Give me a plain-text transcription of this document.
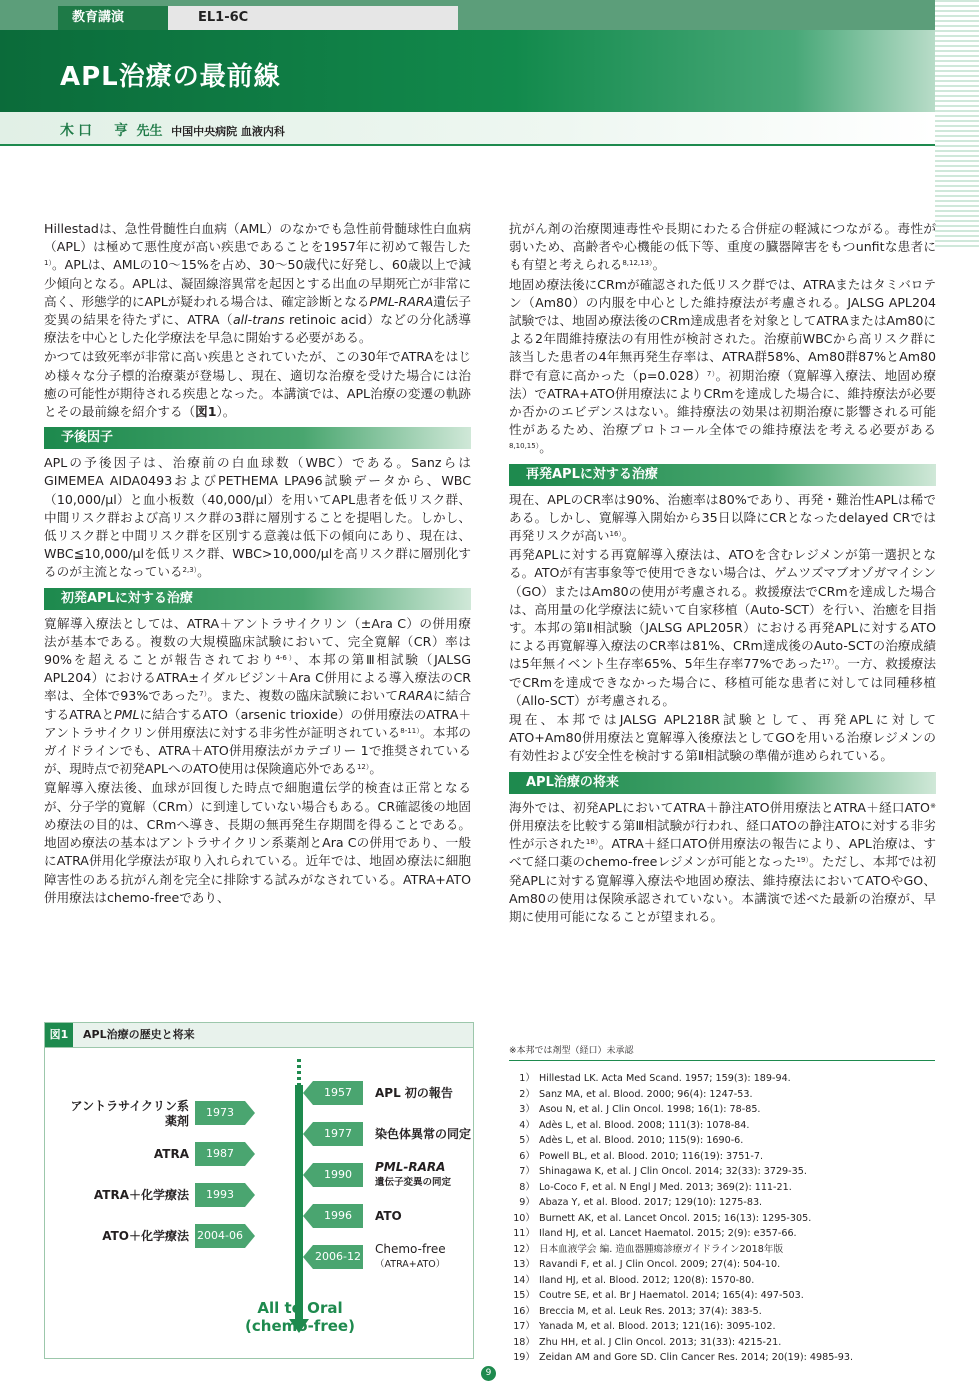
教育講演	EL1-6C
APL治療の最前線
木口　亨 先生 中国中央病院 血液内科

Hillestadは、急性骨髄性白血病（AML）のなかでも急性前骨髄球性白血病（APL）は極めて悪性度が高い疾患であることを1957年に初めて報告した$^{1)}$。APLは、AMLの10～15%を占め、30～50歳代に好発し、60歳以上で減少傾向となる。APLは、凝固線溶異常を起因とする出血の早期死亡が非常に高く、形態学的にAPLが疑われる場合は、確定診断となるPML-RARA遺伝子変異の結果を待たずに、ATRA（all-trans retinoic acid）などの分化誘導療法を中心とした化学療法を早急に開始する必要がある。

かつては致死率が非常に高い疾患とされていたが、この30年でATRAをはじめ様々な分子標的治療薬が登場し、現在、適切な治療を受けた場合には治癒の可能性が期待される疾患となった。本講演では、APL治療の変遷の軌跡とその最前線を紹介する（図1）。

予後因子

APLの予後因子は、治療前の白血球数（WBC）である。SanzらはGIMEMEA AIDA0493およびPETHEMA LPA96試験データから、WBC（10,000/μl）と血小板数（40,000/μl）を用いてAPL患者を低リスク群、中間リスク群および高リスク群の3群に層別することを提唱した。しかし、低リスク群と中間リスク群を区別する意義は低下の傾向にあり、現在は、WBC≦10,000/μlを低リスク群、WBC>10,000/μlを高リスク群に層別化するのが主流となっている$^{2,3)}$。

初発APLに対する治療

寛解導入療法としては、ATRA＋アントラサイクリン（±Ara C）の併用療法が基本である。複数の大規模臨床試験において、完全寛解（CR）率は90%を超えることが報告されており$^{4-6)}$、本邦の第Ⅲ相試験（JALSG APL204）におけるATRA±イダルビジン＋Ara C併用による導入療法のCR率は、全体で93%であった$^{7)}$。また、複数の臨床試験においてRARAに結合するATRAとPMLに結合するATO（arsenic trioxide）の併用療法のATRA＋アントラサイクリン併用療法に対する非劣性が証明されている$^{8-11)}$。本邦のガイドラインでも、ATRA＋ATO併用療法がカテゴリー 1で推奨されているが、現時点で初発APLへのATO使用は保険適応外である$^{12)}$。

寛解導入療法後、血球が回復した時点で細胞遺伝学的検査は正常となるが、分子学的寛解（CRm）に到達していない場合もある。CR確認後の地固め療法の目的は、CRmへ導き、長期の無再発生存期間を得ることである。地固め療法の基本はアントラサイクリン系薬剤とAra Cの併用であり、一般にATRA併用化学療法が取り入れられている。近年では、地固め療法に細胞障害性のある抗がん剤を完全に排除する試みがなされている。ATRA+ATO併用療法はchemo-freeであり、

抗がん剤の治療関連毒性や長期にわたる合併症の軽減につながる。毒性が弱いため、高齢者や心機能の低下等、重度の臓器障害をもつunfitな患者にも有望と考えられる$^{8,12,13)}$。

地固め療法後にCRmが確認された低リスク群では、ATRAまたはタミバロテン（Am80）の内服を中心とした維持療法が考慮される。JALSG APL204試験では、地固め療法後のCRm達成患者を対象としてATRAまたはAm80による2年間維持療法の有用性が検討された。治療前WBCから高リスク群に該当した患者の4年無再発生存率は、ATRA群58%、Am80群87%とAm80群で有意に高かった（p=0.028）$^{7)}$。初期治療（寛解導入療法、地固め療法）でATRA+ATO併用療法によりCRmを達成した場合に、維持療法が必要か否かのエビデンスはない。維持療法の効果は初期治療に影響される可能性があるため、治療プロトコール全体での維持療法を考える必要がある$^{8,10,15)}$。

再発APLに対する治療

現在、APLのCR率は90%、治癒率は80%であり、再発・難治性APLは稀である。しかし、寛解導入開始から35日以降にCRとなったdelayed CRでは再発リスクが高い$^{16)}$。

再発APLに対する再寛解導入療法は、ATOを含むレジメンが第一選択となる。ATOが有害事象等で使用できない場合は、ゲムツズマブオゾガマイシン（GO）またはAm80の使用が考慮される。救援療法でCRmを達成した場合は、高用量の化学療法に続いて自家移植（Auto-SCT）を行い、治癒を目指す。本邦の第Ⅱ相試験（JALSG APL205R）における再発APLに対するATOによる再寛解導入療法のCR率は81%、CRm達成後のAuto-SCTの治療成績は5年無イベント生存率65%、5年生存率77%であった$^{17)}$。一方、救援療法でCRmを達成できなかった場合に、移植可能な患者に対しては同種移植（Allo-SCT）が考慮される。

現在、本邦ではJALSG APL218R試験として、再発APLに対してATO+Am80併用療法と寛解導入後療法としてGOを用いる治療レジメンの有効性および安全性を検討する第Ⅱ相試験の準備が進められている。

APL治療の将来

海外では、初発APLにおいてATRA＋静注ATO併用療法とATRA＋経口ATO※併用療法を比較する第Ⅲ相試験が行われ、経口ATOの静注ATOに対する非劣性が示された$^{18)}$。ATRA＋経口ATO併用療法の報告により、APL治療は、すべて経口薬のchemo-freeレジメンが可能となった$^{19)}$。ただし、本邦では初発APLに対する寛解導入療法や地固め療法、維持療法においてATOやGO、Am80の使用は保険承認されていない。本講演で述べた最新の治療が、早期に使用可能になることが望まれる。

図1	APL治療の歴史と将来
アントラサイクリン系
薬剤
1973
ATRA	1987
ATRA＋化学療法	1993
ATO＋化学療法 2004-06
1957	APL 初の報告
1977	染色体異常の同定
1990
PML-RARA
遺伝子変異の同定
1996	ATO
2006-12
Chemo-free
（ATRA+ATO）
All to Oral
(chemo-free)
※本邦では剤型（経口）未承認
1） Hillestad LK. Acta Med Scand. 1957; 159(3): 189-94.
2） Sanz MA, et al. Blood. 2000; 96(4): 1247-53.
3） Asou N, et al. J Clin Oncol. 1998; 16(1): 78-85.
4） Adès L, et al. Blood. 2008; 111(3): 1078-84.
5） Adès L, et al. Blood. 2010; 115(9): 1690-6.
6） Powell BL, et al. Blood. 2010; 116(19): 3751-7.
7） Shinagawa K, et al. J Clin Oncol. 2014; 32(33): 3729-35.
8） Lo-Coco F, et al. N Engl J Med. 2013; 369(2): 111-21.
9） Abaza Y, et al. Blood. 2017; 129(10): 1275-83.
10） Burnett AK, et al. Lancet Oncol. 2015; 16(13): 1295-305.
11） Iland HJ, et al. Lancet Haematol. 2015; 2(9): e357-66.
12） 日本血液学会 編. 造血器腫瘍診療ガイドライン2018年版
13） Ravandi F, et al. J Clin Oncol. 2009; 27(4): 504-10.
14） Iland HJ, et al. Blood. 2012; 120(8): 1570-80.
15） Coutre SE, et al. Br J Haematol. 2014; 165(4): 497-503.
16） Breccia M, et al. Leuk Res. 2013; 37(4): 383-5.
17） Yanada M, et al. Blood. 2013; 121(16): 3095-102.
18） Zhu HH, et al. J Clin Oncol. 2013; 31(33): 4215-21.
19） Zeidan AM and Gore SD. Clin Cancer Res. 2014; 20(19): 4985-93.
9
